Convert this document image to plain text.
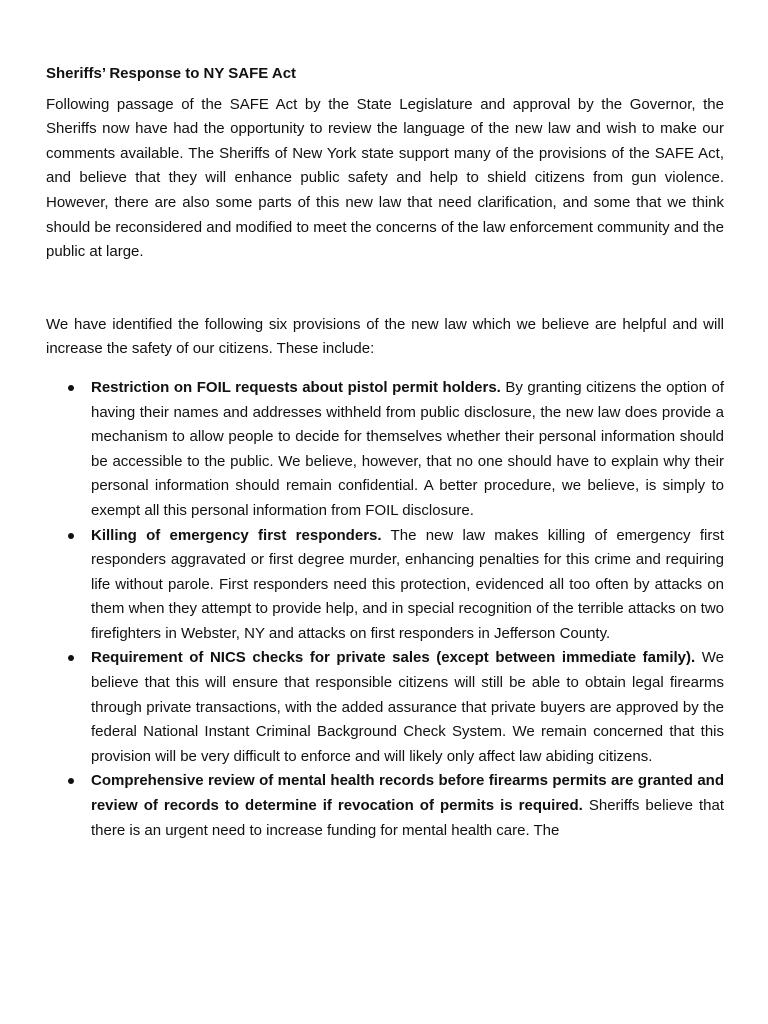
Sheriffs’ Response to NY SAFE Act

Following passage of the SAFE Act by the State Legislature and approval by the Governor, the Sheriffs now have had the opportunity to review the language of the new law and wish to make our comments available. The Sheriffs of New York state support many of the provisions of the SAFE Act, and believe that they will enhance public safety and help to shield citizens from gun violence. However, there are also some parts of this new law that need clarification, and some that we think should be reconsidered and modified to meet the concerns of the law enforcement community and the public at large.

We have identified the following six provisions of the new law which we believe are helpful and will increase the safety of our citizens. These include:

Restriction on FOIL requests about pistol permit holders. By granting citizens the option of having their names and addresses withheld from public disclosure, the new law does provide a mechanism to allow people to decide for themselves whether their personal information should be accessible to the public. We believe, however, that no one should have to explain why their personal information should remain confidential. A better procedure, we believe, is simply to exempt all this personal information from FOIL disclosure.
Killing of emergency first responders. The new law makes killing of emergency first responders aggravated or first degree murder, enhancing penalties for this crime and requiring life without parole. First responders need this protection, evidenced all too often by attacks on them when they attempt to provide help, and in special recognition of the terrible attacks on two firefighters in Webster, NY and attacks on first responders in Jefferson County.
Requirement of NICS checks for private sales (except between immediate family). We believe that this will ensure that responsible citizens will still be able to obtain legal firearms through private transactions, with the added assurance that private buyers are approved by the federal National Instant Criminal Background Check System. We remain concerned that this provision will be very difficult to enforce and will likely only affect law abiding citizens.
Comprehensive review of mental health records before firearms permits are granted and review of records to determine if revocation of permits is required. Sheriffs believe that there is an urgent need to increase funding for mental health care. The
